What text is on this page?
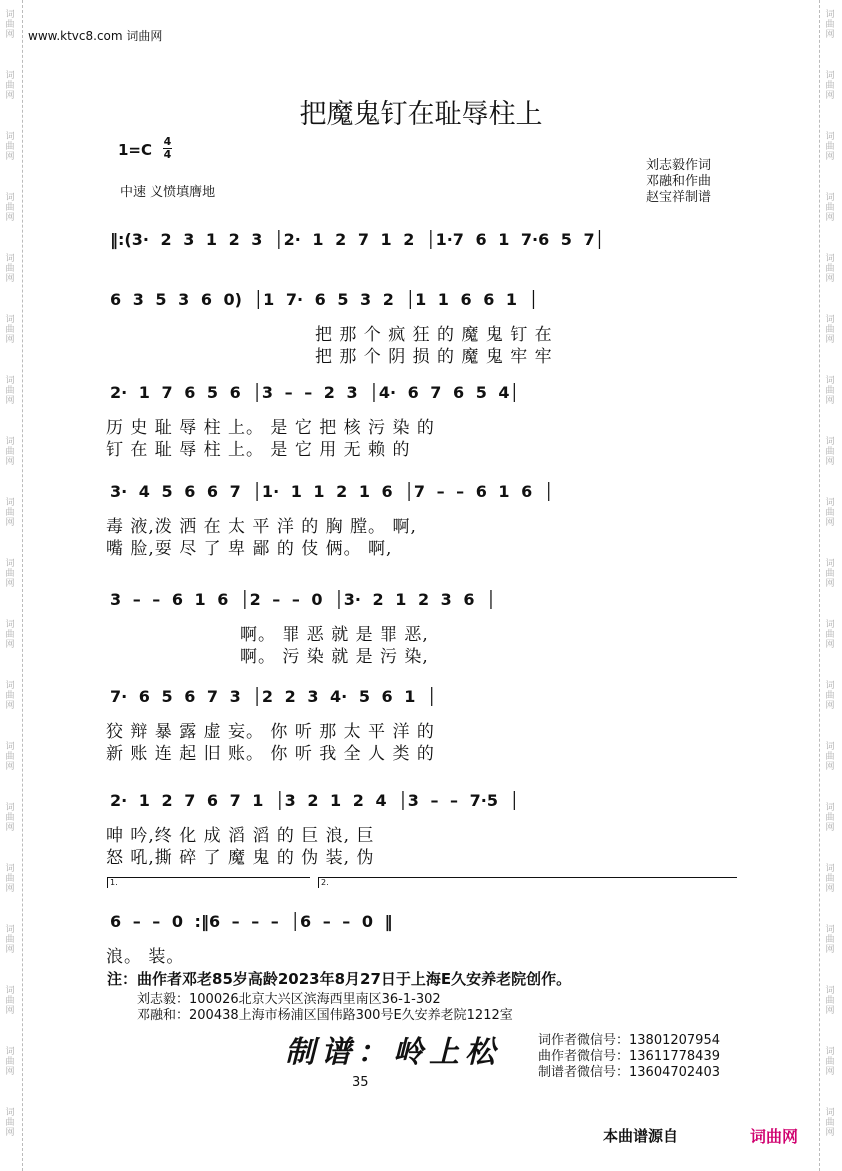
词曲网
词曲网
词曲网
词曲网
词曲网
词曲网
词曲网
词曲网
词曲网
词曲网
词曲网
词曲网
词曲网
词曲网
词曲网
词曲网
词曲网
词曲网
词曲网
词曲网
词曲网
词曲网
词曲网
词曲网
词曲网
词曲网
词曲网
词曲网
词曲网
词曲网
词曲网
词曲网
词曲网
词曲网
词曲网
词曲网
词曲网
词曲网
www.ktvc8.com 词曲网
把魔鬼钉在耻辱柱上
1=C 4
4
中速 义愤填膺地
刘志毅作词
邓融和作曲
赵宝祥制谱
‖:(3· 2 3 1 2 3 │2· 1 2 7 1 2 │1·7 6 1 7·6 5 7│
6 3 5 3 6 0) │1 7· 6 5 3 2 │1 1 6 6 1 │
把 那 个 疯 狂 的 魔 鬼 钉 在
把 那 个 阴 损 的 魔 鬼 牢 牢
2· 1 7 6 5 6 │3 – – 2 3 │4· 6 7 6 5 4│
历 史 耻 辱 柱 上。 是 它 把 核 污 染 的
钉 在 耻 辱 柱 上。 是 它 用 无 赖 的
3· 4 5 6 6 7 │1· 1 1 2 1 6 │7 – – 6 1 6 │
毒 液,泼 洒 在 太 平 洋 的 胸 膛。 啊,
嘴 脸,耍 尽 了 卑 鄙 的 伎 俩。 啊,
3 – – 6 1 6 │2 – – 0 │3· 2 1 2 3 6 │
啊。 罪 恶 就 是 罪 恶,
啊。 污 染 就 是 污 染,
7· 6 5 6 7 3 │2 2 3 4· 5 6 1 │
狡 辩 暴 露 虚 妄。 你 听 那 太 平 洋 的
新 账 连 起 旧 账。 你 听 我 全 人 类 的
2· 1 2 7 6 7 1 │3 2 1 2 4 │3 – – 7·5 │
呻 吟,终 化 成 滔 滔 的 巨 浪, 巨
怒 吼,撕 碎 了 魔 鬼 的 伪 装, 伪
6 – – 0 :‖6 – – – │6 – – 0 ‖
浪。 装。
1.	2.
注：曲作者邓老85岁高龄2023年8月27日于上海E久安养老院创作。
刘志毅：100026北京大兴区滨海西里南区36-1-302
邓融和：200438上海市杨浦区国伟路300号E久安养老院1212室
制谱：岭上松	词作者微信号：13801207954
曲作者微信号：13611778439
制谱者微信号：13604702403
35
本曲谱源自	词曲网
